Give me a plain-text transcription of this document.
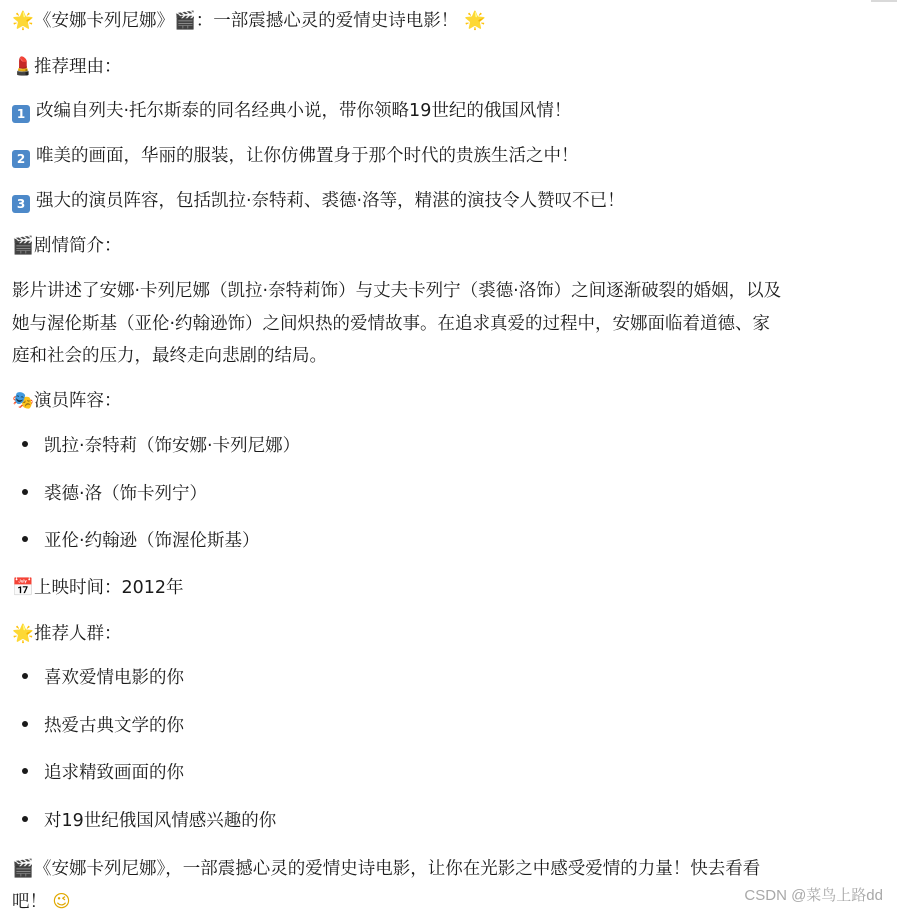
🌟《安娜卡列尼娜》🎬：一部震撼心灵的爱情史诗电影！ 🌟
💄推荐理由：
1 改编自列夫·托尔斯泰的同名经典小说，带你领略19世纪的俄国风情！
2 唯美的画面，华丽的服装，让你仿佛置身于那个时代的贵族生活之中！
3 强大的演员阵容，包括凯拉·奈特莉、裘德·洛等，精湛的演技令人赞叹不已！
🎬剧情简介：
影片讲述了安娜·卡列尼娜（凯拉·奈特莉饰）与丈夫卡列宁（裘德·洛饰）之间逐渐破裂的婚姻，以及
她与渥伦斯基（亚伦·约翰逊饰）之间炽热的爱情故事。在追求真爱的过程中，安娜面临着道德、家
庭和社会的压力，最终走向悲剧的结局。
🎭演员阵容：
凯拉·奈特莉（饰安娜·卡列尼娜）
裘德·洛（饰卡列宁）
亚伦·约翰逊（饰渥伦斯基）
📅上映时间：2012年
🌟推荐人群：
喜欢爱情电影的你
热爱古典文学的你
追求精致画面的你
对19世纪俄国风情感兴趣的你
🎬《安娜卡列尼娜》，一部震撼心灵的爱情史诗电影，让你在光影之中感受爱情的力量！快去看看
吧！ 😉	CSDN @菜鸟上路dd
